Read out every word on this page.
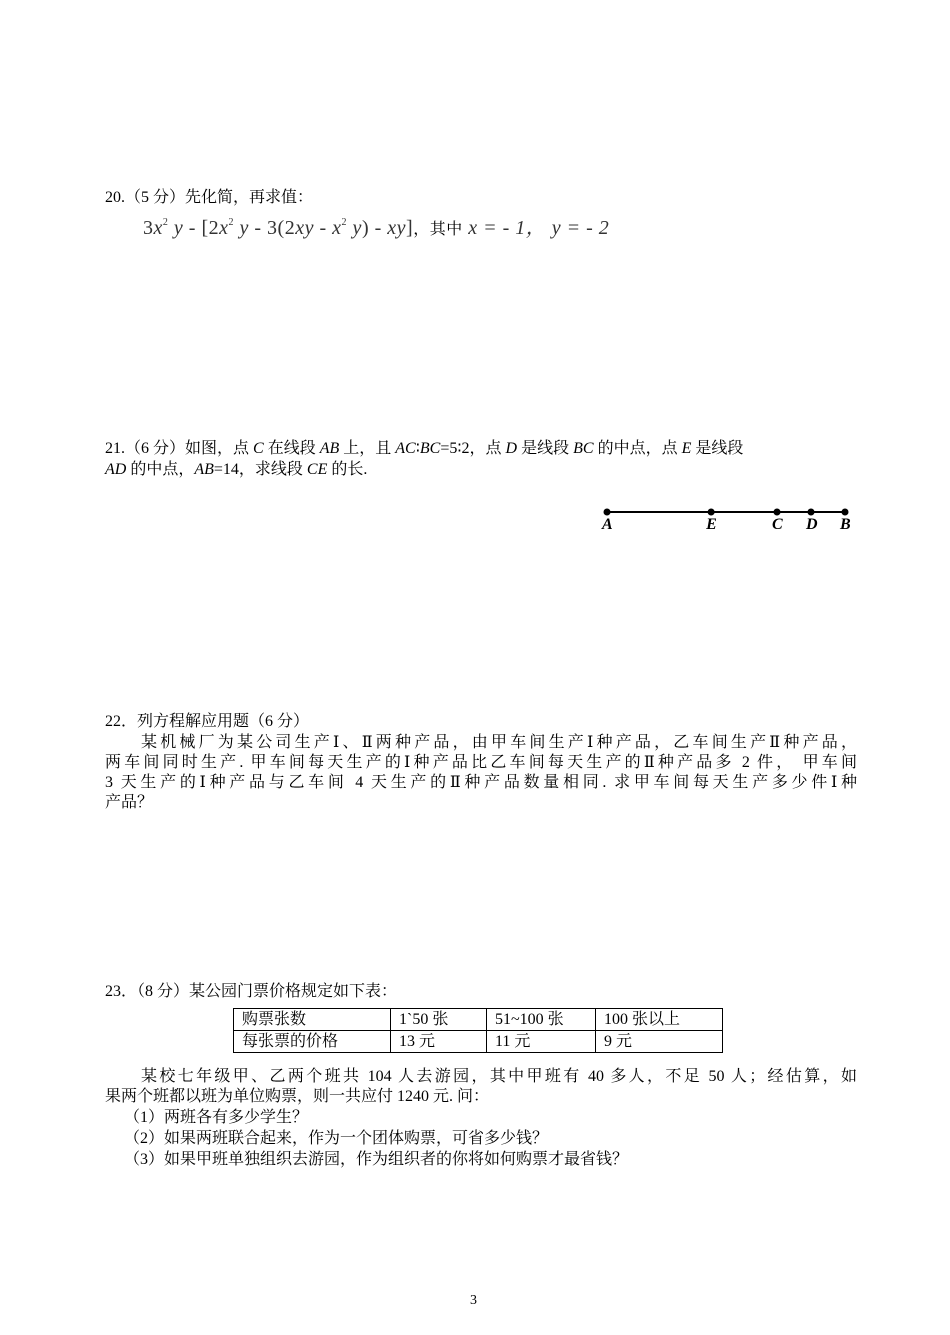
20.（5 分）先化简，再求值：
$3x^2$ y - [$2x^2$ y - $3(2xy - x^2$ y) - xy]，其中 x = - 1， y = - 2
21.（6 分）如图，点 C 在线段 AB 上，且 AC∶BC=5∶2，点 D 是线段 BC 的中点，点 E 是线段
AD 的中点，AB=14，求线段 CE 的长.
A	E	C D B
22．列方程解应用题（6 分）
某机械厂为某公司生产Ⅰ、Ⅱ两种产品，由甲车间生产Ⅰ种产品，乙车间生产Ⅱ种产品，
两车间同时生产. 甲车间每天生产的Ⅰ种产品比乙车间每天生产的Ⅱ种产品多 2 件， 甲车间
3 天生产的Ⅰ种产品与乙车间 4 天生产的Ⅱ种产品数量相同. 求甲车间每天生产多少件Ⅰ种
产品？
23．（8 分）某公园门票价格规定如下表：
购票张数	1`50 张	51~100 张	100 张以上
每张票的价格	13 元	11 元	9 元
某校七年级甲、乙两个班共 104 人去游园，其中甲班有 40 多人，不足 50 人；经估算，如
果两个班都以班为单位购票，则一共应付 1240 元. 问：
（1）两班各有多少学生？
（2）如果两班联合起来，作为一个团体购票，可省多少钱？
（3）如果甲班单独组织去游园，作为组织者的你将如何购票才最省钱？
3
